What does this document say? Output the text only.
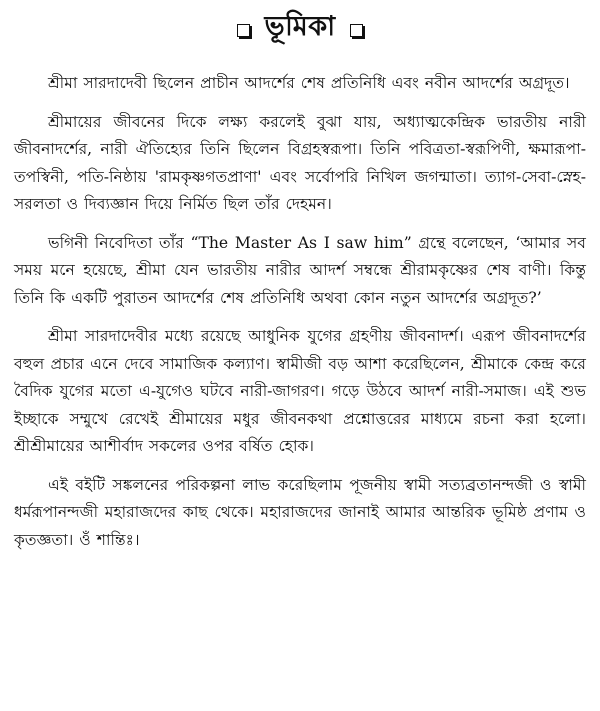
ভূমিকা

শ্রীমা সারদাদেবী ছিলেন প্রাচীন আদর্শের শেষ প্রতিনিধি এবং নবীন আদর্শের অগ্রদূত।

শ্রীমায়ের জীবনের দিকে লক্ষ্য করলেই বুঝা যায়, অধ্যাত্মকেন্দ্রিক ভারতীয় নারী জীবনাদর্শের, নারী ঐতিহ্যের তিনি ছিলেন বিগ্রহস্বরূপা। তিনি পবিত্রতা-স্বরূপিণী, ক্ষমারূপা-তপস্বিনী, পতি-নিষ্ঠায় 'রামকৃষ্ণগতপ্রাণা' এবং সর্বোপরি নিখিল জগন্মাতা। ত্যাগ-সেবা-স্নেহ-সরলতা ও দিব্যজ্ঞান দিয়ে নির্মিত ছিল তাঁর দেহমন।

ভগিনী নিবেদিতা তাঁর “The Master As I saw him” গ্রন্থে বলেছেন, ‘আমার সব সময় মনে হয়েছে, শ্রীমা যেন ভারতীয় নারীর আদর্শ সম্বন্ধে শ্রীরামকৃষ্ণের শেষ বাণী। কিন্তু তিনি কি একটি পুরাতন আদর্শের শেষ প্রতিনিধি অথবা কোন নতুন আদর্শের অগ্রদূত?’

শ্রীমা সারদাদেবীর মধ্যে রয়েছে আধুনিক যুগের গ্রহণীয় জীবনাদর্শ। এরূপ জীবনাদর্শের বহুল প্রচার এনে দেবে সামাজিক কল্যাণ। স্বামীজী বড় আশা করেছিলেন, শ্রীমাকে কেন্দ্র করে বৈদিক যুগের মতো এ-যুগেও ঘটবে নারী-জাগরণ। গড়ে উঠবে আদর্শ নারী-সমাজ। এই শুভ ইচ্ছাকে সম্মুখে রেখেই শ্রীমায়ের মধুর জীবনকথা প্রশ্নোত্তরের মাধ্যমে রচনা করা হলো। শ্রীশ্রীমায়ের আশীর্বাদ সকলের ওপর বর্ষিত হোক।

এই বইটি সঙ্কলনের পরিকল্পনা লাভ করেছিলাম পূজনীয় স্বামী সত্যব্রতানন্দজী ও স্বামী ধর্মরূপানন্দজী মহারাজদের কাছ থেকে। মহারাজদের জানাই আমার আন্তরিক ভূমিষ্ঠ প্রণাম ও কৃতজ্ঞতা। ওঁ শান্তিঃ।
